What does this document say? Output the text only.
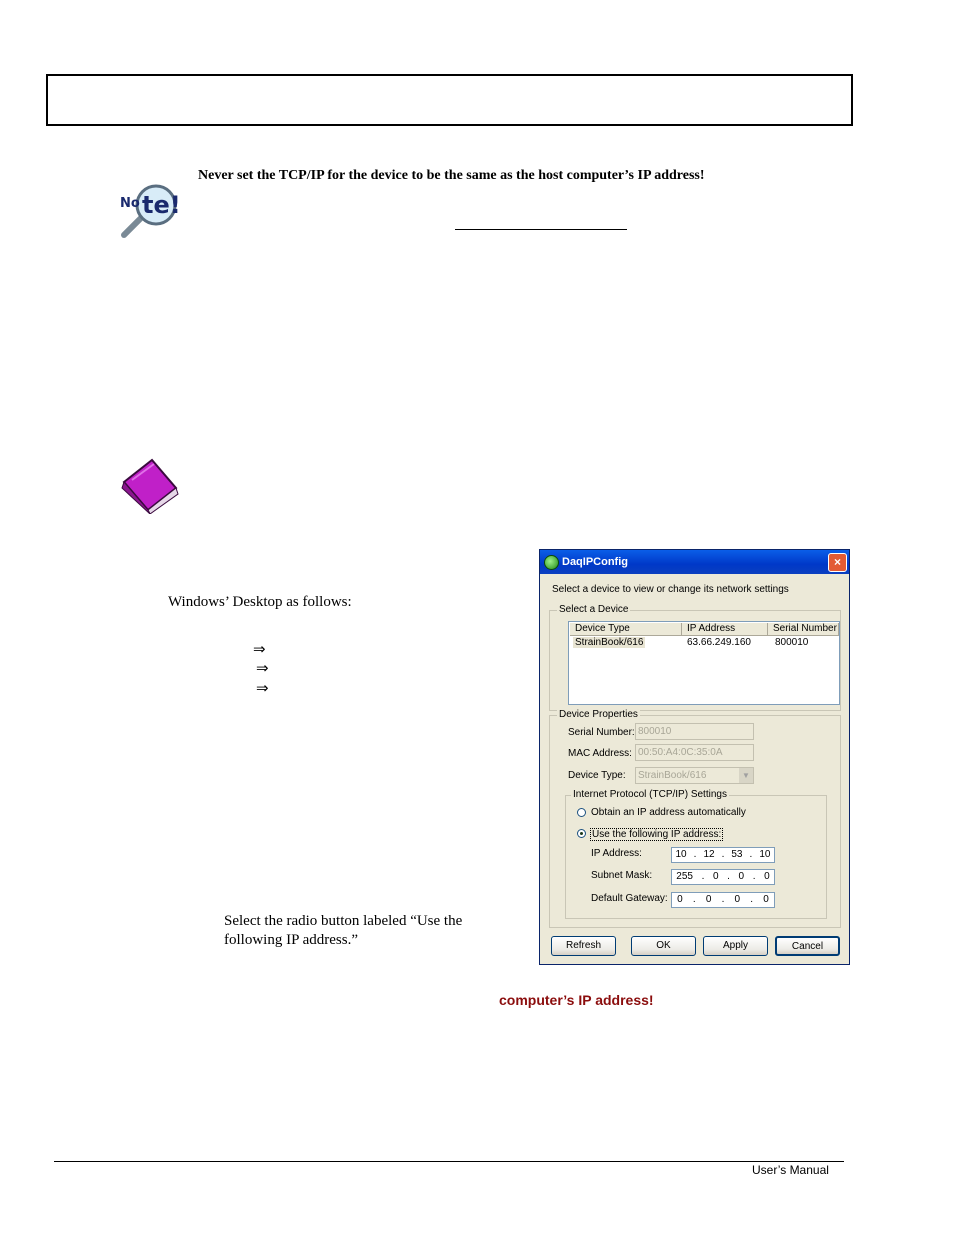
No te!
Never set the TCP/IP for the device to be the same as the host computer’s IP address!
Windows’ Desktop as follows:
⇒
⇒
⇒
Select the radio button labeled “Use the
following IP address.”
computer’s IP address!
DaqIPConfig	×
Select a device to view or change its network settings
Select a Device
Device Type	IP Address	Serial Number
StrainBook/616	63.66.249.160 800010
Device Properties
Serial Number: 800010
MAC Address: 00:50:A4:0C:35:0A
Device Type:	StrainBook/616	▼
Internet Protocol (TCP/IP) Settings
Obtain an IP address automatically
Use the following IP address:
IP Address:	10 . 12 . 53 . 10
Subnet Mask: 255 . 0 . 0 . 0
Default Gateway: 0 . 0 . 0 . 0
Refresh	OK	Apply	Cancel
User’s Manual
